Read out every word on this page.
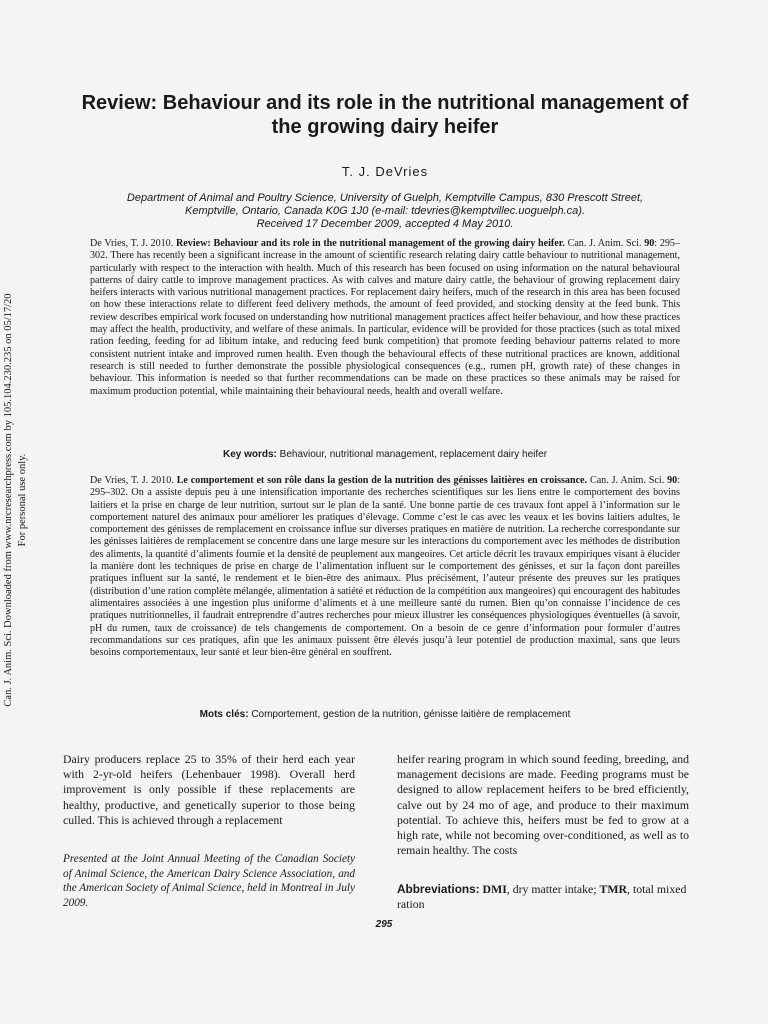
Can. J. Anim. Sci. Downloaded from www.nrcresearchpress.com by 105.104.230.235 on 05/17/20 For personal use only.
Review: Behaviour and its role in the nutritional management of the growing dairy heifer
T. J. DeVries
Department of Animal and Poultry Science, University of Guelph, Kemptville Campus, 830 Prescott Street,
Kemptville, Ontario, Canada K0G 1J0 (e-mail: tdevries@kemptvillec.uoguelph.ca).
Received 17 December 2009, accepted 4 May 2010.

De Vries, T. J. 2010. Review: Behaviour and its role in the nutritional management of the growing dairy heifer. Can. J. Anim. Sci. 90: 295–302. There has recently been a significant increase in the amount of scientific research relating dairy cattle behaviour to nutritional management, particularly with respect to the interaction with health. Much of this research has been focused on using information on the natural behavioural patterns of dairy cattle to improve management practices. As with calves and mature dairy cattle, the behaviour of growing replacement dairy heifers interacts with various nutritional management practices. For replacement dairy heifers, much of the research in this area has been focused on how these interactions relate to different feed delivery methods, the amount of feed provided, and stocking density at the feed bunk. This review describes empirical work focused on understanding how nutritional management practices affect heifer behaviour, and how these practices may affect the health, productivity, and welfare of these animals. In particular, evidence will be provided for those practices (such as total mixed ration feeding, feeding for ad libitum intake, and reducing feed bunk competition) that promote feeding behaviour patterns related to more consistent nutrient intake and improved rumen health. Even though the behavioural effects of these nutritional practices are known, additional research is still needed to further demonstrate the possible physiological consequences (e.g., rumen pH, growth rate) of these changes in behaviour. This information is needed so that further recommendations can be made on these practices so these animals may be raised for maximum production potential, while maintaining their behavioural needs, health and overall welfare.

Key words: Behaviour, nutritional management, replacement dairy heifer

De Vries, T. J. 2010. Le comportement et son rôle dans la gestion de la nutrition des génisses laitières en croissance. Can. J. Anim. Sci. 90: 295–302. On a assiste depuis peu à une intensification importante des recherches scientifiques sur les liens entre le comportement des bovins laitiers et la prise en charge de leur nutrition, surtout sur le plan de la santé. Une bonne partie de ces travaux font appel à l’information sur le comportement naturel des animaux pour améliorer les pratiques d’élevage. Comme c’est le cas avec les veaux et les bovins laitiers adultes, le comportement des génisses de remplacement en croissance influe sur diverses pratiques en matière de nutrition. La recherche correspondante sur les génisses laitières de remplacement se concentre dans une large mesure sur les interactions du comportement avec les méthodes de distribution des aliments, la quantité d’aliments fournie et la densité de peuplement aux mangeoires. Cet article décrit les travaux empiriques visant à élucider la manière dont les techniques de prise en charge de l’alimentation influent sur le comportement des génisses, et sur la façon dont pareilles pratiques influent sur la santé, le rendement et le bien-être des animaux. Plus précisément, l’auteur présente des preuves sur les pratiques (distribution d’une ration complète mélangée, alimentation à satiété et réduction de la compétition aux mangeoires) qui encouragent des habitudes alimentaires associées à une ingestion plus uniforme d’aliments et à une meilleure santé du rumen. Bien qu’on connaisse l’incidence de ces pratiques nutritionnelles, il faudrait entreprendre d’autres recherches pour mieux illustrer les conséquences physiologiques éventuelles (à savoir, pH du rumen, taux de croissance) de tels changements de comportement. On a besoin de ce genre d’information pour formuler d’autres recommandations sur ces pratiques, afin que les animaux puissent être élevés jusqu’à leur potentiel de production maximal, sans que leurs besoins comportementaux, leur santé et leur bien-être général en souffrent.

Mots clés: Comportement, gestion de la nutrition, génisse laitière de remplacement

Dairy producers replace 25 to 35% of their herd each year with 2-yr-old heifers (Lehenbauer 1998). Overall herd improvement is only possible if these replacements are healthy, productive, and genetically superior to those being culled. This is achieved through a replacement

heifer rearing program in which sound feeding, breeding, and management decisions are made. Feeding programs must be designed to allow replacement heifers to be bred efficiently, calve out by 24 mo of age, and produce to their maximum potential. To achieve this, heifers must be fed to grow at a high rate, while not becoming over-conditioned, as well as to remain healthy. The costs

Presented at the Joint Annual Meeting of the Canadian Society of Animal Science, the American Dairy Science Association, and the American Society of Animal Science, held in Montreal in July 2009.

Abbreviations: DMI, dry matter intake; TMR, total mixed ration

295
